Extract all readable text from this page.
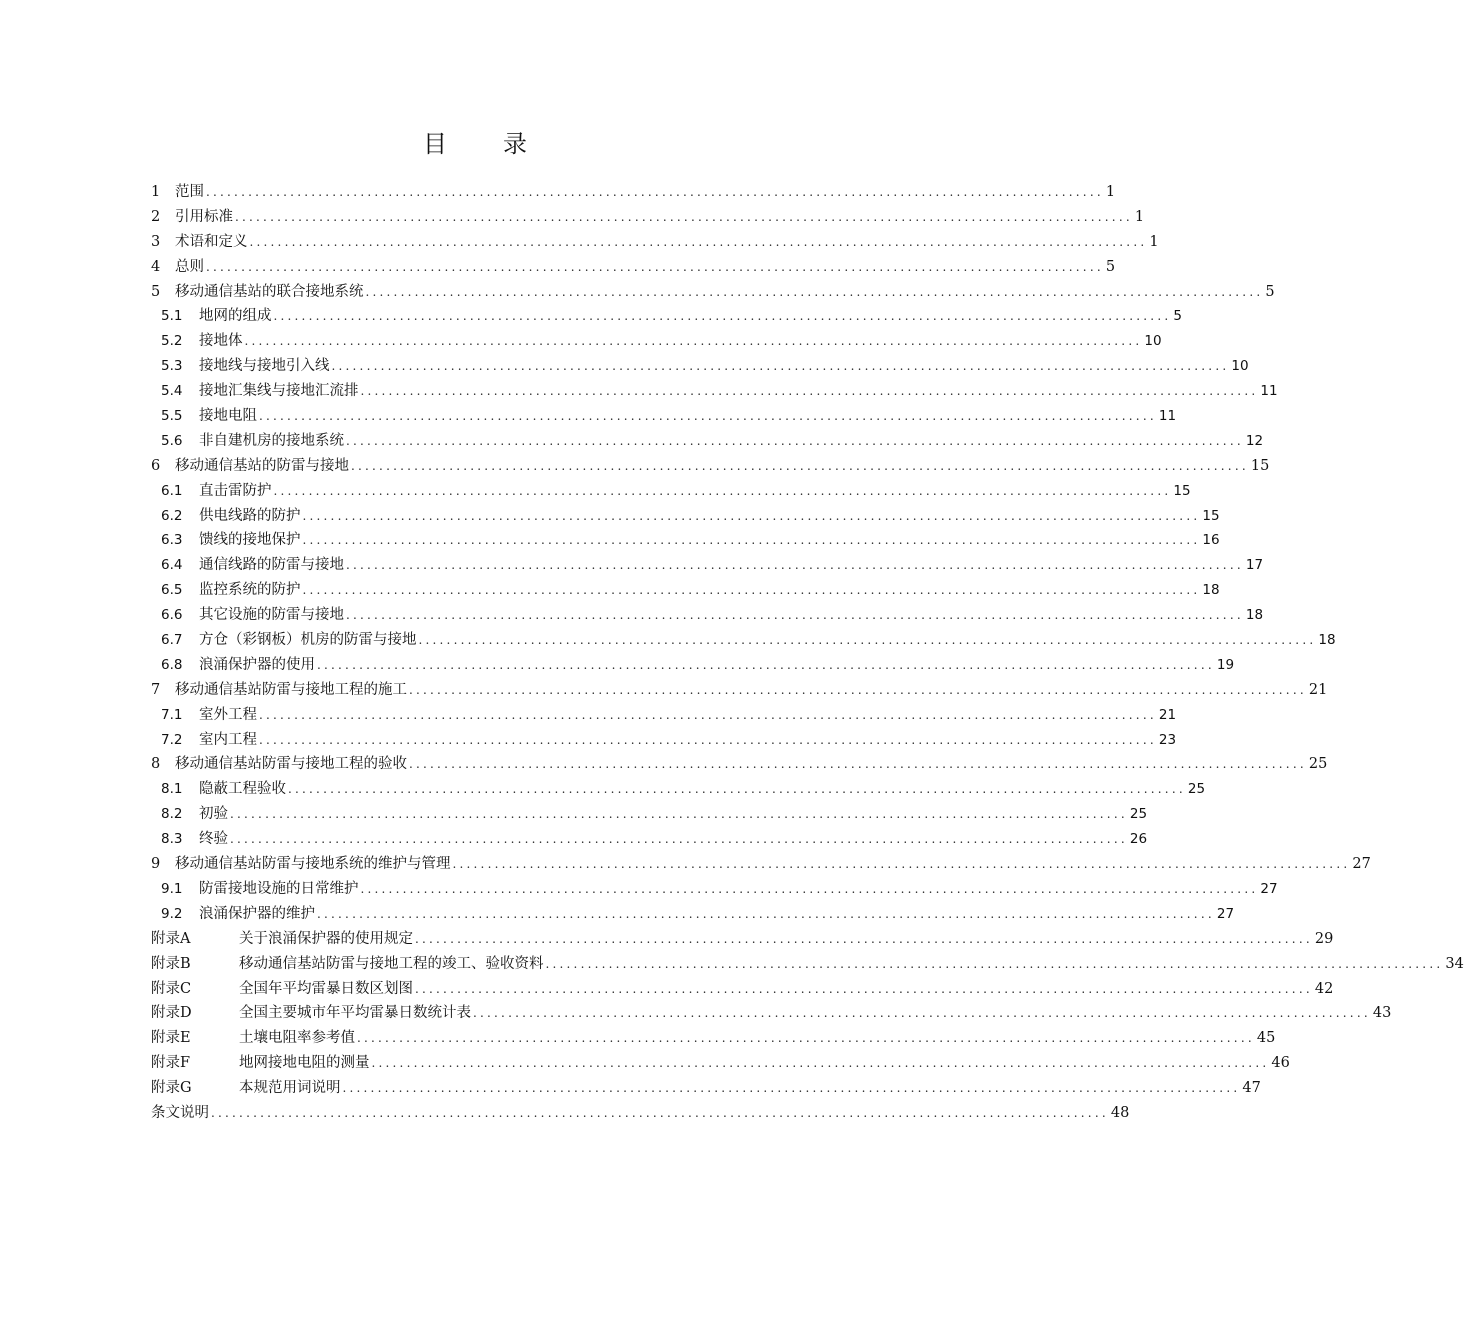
目 录
1	范围 ................................................................................................................................ 1
2	引用标准 ................................................................................................................................ 1
3	术语和定义 ................................................................................................................................ 1
4	总则 ................................................................................................................................ 5
5	移动通信基站的联合接地系统 ................................................................................................................................ 5
5.1	地网的组成 ................................................................................................................................ 5
5.2	接地体 ................................................................................................................................ 10
5.3	接地线与接地引入线 ................................................................................................................................ 10
5.4	接地汇集线与接地汇流排 ................................................................................................................................ 11
5.5	接地电阻 ................................................................................................................................ 11
5.6	非自建机房的接地系统 ................................................................................................................................ 12
6	移动通信基站的防雷与接地 ................................................................................................................................ 15
6.1	直击雷防护 ................................................................................................................................ 15
6.2	供电线路的防护 ................................................................................................................................ 15
6.3	馈线的接地保护 ................................................................................................................................ 16
6.4	通信线路的防雷与接地 ................................................................................................................................ 17
6.5	监控系统的防护 ................................................................................................................................ 18
6.6	其它设施的防雷与接地 ................................................................................................................................ 18
6.7	方仓（彩钢板）机房的防雷与接地 ................................................................................................................................ 18
6.8	浪涌保护器的使用 ................................................................................................................................ 19
7	移动通信基站防雷与接地工程的施工 ................................................................................................................................ 21
7.1	室外工程 ................................................................................................................................ 21
7.2	室内工程 ................................................................................................................................ 23
8	移动通信基站防雷与接地工程的验收 ................................................................................................................................ 25
8.1	隐蔽工程验收 ................................................................................................................................ 25
8.2	初验 ................................................................................................................................ 25
8.3	终验 ................................................................................................................................ 26
9	移动通信基站防雷与接地系统的维护与管理 ................................................................................................................................ 27
9.1	防雷接地设施的日常维护 ................................................................................................................................ 27
9.2	浪涌保护器的维护 ................................................................................................................................ 27
附录A	关于浪涌保护器的使用规定 ................................................................................................................................ 29
附录B	移动通信基站防雷与接地工程的竣工、验收资料 ................................................................................................................................ 34
附录C	全国年平均雷暴日数区划图 ................................................................................................................................ 42
附录D	全国主要城市年平均雷暴日数统计表 ................................................................................................................................ 43
附录E	土壤电阻率参考值 ................................................................................................................................ 45
附录F	地网接地电阻的测量 ................................................................................................................................ 46
附录G	本规范用词说明 ................................................................................................................................ 47
条文说明 ................................................................................................................................ 48
